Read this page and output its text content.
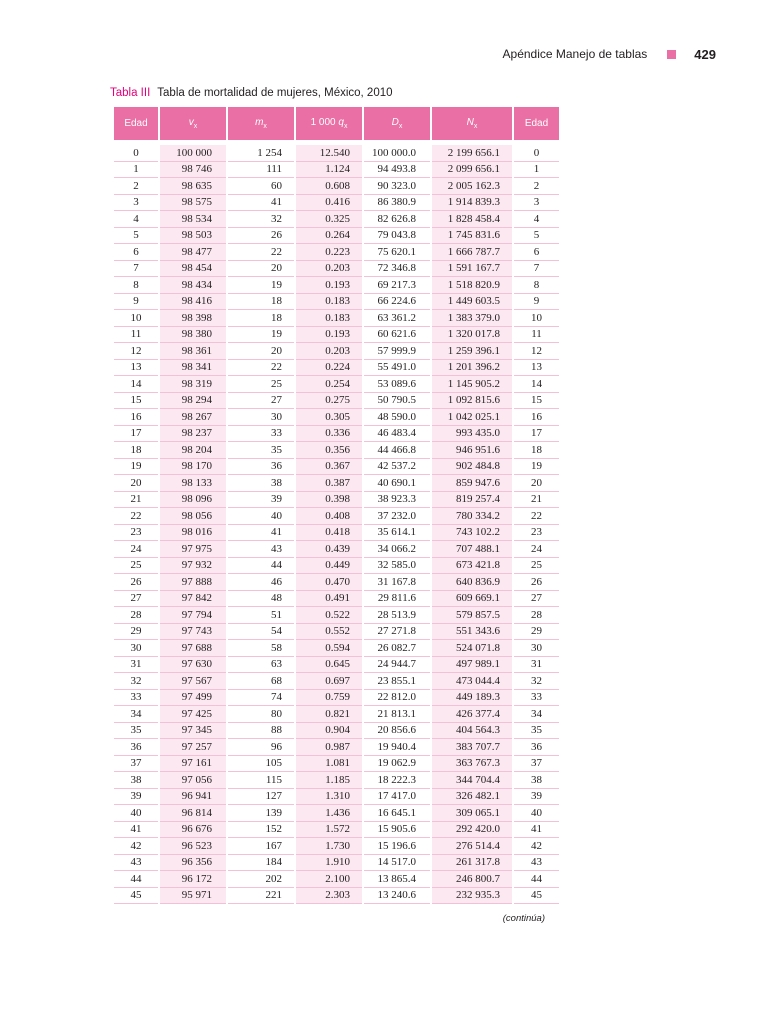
Apéndice Manejo de tablas	429
Tabla III Tabla de mortalidad de mujeres, México, 2010
Edad	$v_x$	$m_x$	1 000 $q_x$	$D_x$	$N_x$	Edad

0	100 000	1 254	12.540	100 000.0	2 199 656.1	0
1	98 746	111	1.124	94 493.8	2 099 656.1	1
2	98 635	60	0.608	90 323.0	2 005 162.3	2
3	98 575	41	0.416	86 380.9	1 914 839.3	3
4	98 534	32	0.325	82 626.8	1 828 458.4	4
5	98 503	26	0.264	79 043.8	1 745 831.6	5
6	98 477	22	0.223	75 620.1	1 666 787.7	6
7	98 454	20	0.203	72 346.8	1 591 167.7	7
8	98 434	19	0.193	69 217.3	1 518 820.9	8
9	98 416	18	0.183	66 224.6	1 449 603.5	9
10	98 398	18	0.183	63 361.2	1 383 379.0	10
11	98 380	19	0.193	60 621.6	1 320 017.8	11
12	98 361	20	0.203	57 999.9	1 259 396.1	12
13	98 341	22	0.224	55 491.0	1 201 396.2	13
14	98 319	25	0.254	53 089.6	1 145 905.2	14
15	98 294	27	0.275	50 790.5	1 092 815.6	15
16	98 267	30	0.305	48 590.0	1 042 025.1	16
17	98 237	33	0.336	46 483.4	993 435.0	17
18	98 204	35	0.356	44 466.8	946 951.6	18
19	98 170	36	0.367	42 537.2	902 484.8	19
20	98 133	38	0.387	40 690.1	859 947.6	20
21	98 096	39	0.398	38 923.3	819 257.4	21
22	98 056	40	0.408	37 232.0	780 334.2	22
23	98 016	41	0.418	35 614.1	743 102.2	23
24	97 975	43	0.439	34 066.2	707 488.1	24
25	97 932	44	0.449	32 585.0	673 421.8	25
26	97 888	46	0.470	31 167.8	640 836.9	26
27	97 842	48	0.491	29 811.6	609 669.1	27
28	97 794	51	0.522	28 513.9	579 857.5	28
29	97 743	54	0.552	27 271.8	551 343.6	29
30	97 688	58	0.594	26 082.7	524 071.8	30
31	97 630	63	0.645	24 944.7	497 989.1	31
32	97 567	68	0.697	23 855.1	473 044.4	32
33	97 499	74	0.759	22 812.0	449 189.3	33
34	97 425	80	0.821	21 813.1	426 377.4	34
35	97 345	88	0.904	20 856.6	404 564.3	35
36	97 257	96	0.987	19 940.4	383 707.7	36
37	97 161	105	1.081	19 062.9	363 767.3	37
38	97 056	115	1.185	18 222.3	344 704.4	38
39	96 941	127	1.310	17 417.0	326 482.1	39
40	96 814	139	1.436	16 645.1	309 065.1	40
41	96 676	152	1.572	15 905.6	292 420.0	41
42	96 523	167	1.730	15 196.6	276 514.4	42
43	96 356	184	1.910	14 517.0	261 317.8	43
44	96 172	202	2.100	13 865.4	246 800.7	44
45	95 971	221	2.303	13 240.6	232 935.3	45
(continúa)
